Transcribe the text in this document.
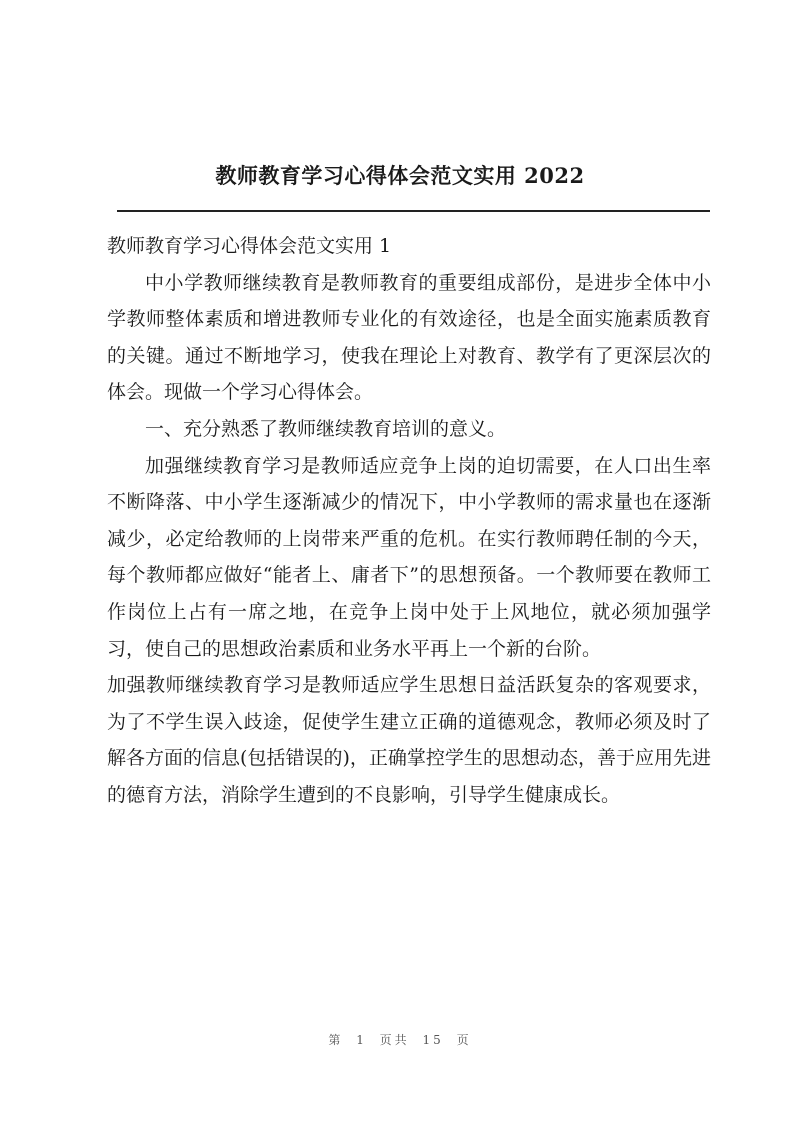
教师教育学习心得体会范文实用 2022

教师教育学习心得体会范文实用 1

中小学教师继续教育是教师教育的重要组成部份，是进步全体中小学教师整体素质和增进教师专业化的有效途径，也是全面实施素质教育的关键。通过不断地学习，使我在理论上对教育、教学有了更深层次的体会。现做一个学习心得体会。

一、充分熟悉了教师继续教育培训的意义。

加强继续教育学习是教师适应竞争上岗的迫切需要，在人口出生率不断降落、中小学生逐渐减少的情况下，中小学教师的需求量也在逐渐减少，必定给教师的上岗带来严重的危机。在实行教师聘任制的今天，每个教师都应做好“能者上、庸者下”的思想预备。一个教师要在教师工作岗位上占有一席之地，在竞争上岗中处于上风地位，就必须加强学习，使自己的思想政治素质和业务水平再上一个新的台阶。

加强教师继续教育学习是教师适应学生思想日益活跃复杂的客观要求，为了不学生误入歧途，促使学生建立正确的道德观念，教师必须及时了解各方面的信息(包括错误的)，正确掌控学生的思想动态，善于应用先进的德育方法，消除学生遭到的不良影响，引导学生健康成长。

第 1 页共 15 页
